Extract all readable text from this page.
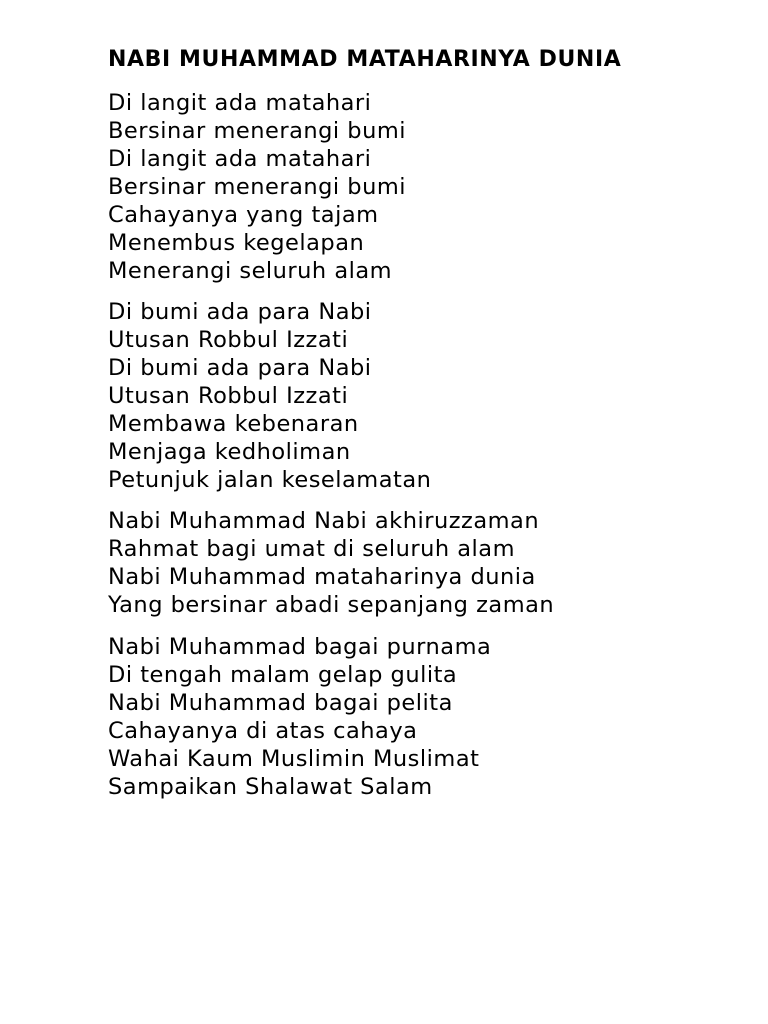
NABI MUHAMMAD MATAHARINYA DUNIA
Di langit ada matahari
Bersinar menerangi bumi
Di langit ada matahari
Bersinar menerangi bumi
Cahayanya yang tajam
Menembus kegelapan
Menerangi seluruh alam
Di bumi ada para Nabi
Utusan Robbul Izzati
Di bumi ada para Nabi
Utusan Robbul Izzati
Membawa kebenaran
Menjaga kedholiman
Petunjuk jalan keselamatan
Nabi Muhammad Nabi akhiruzzaman
Rahmat bagi umat di seluruh alam
Nabi Muhammad mataharinya dunia
Yang bersinar abadi sepanjang zaman
Nabi Muhammad bagai purnama
Di tengah malam gelap gulita
Nabi Muhammad bagai pelita
Cahayanya di atas cahaya
Wahai Kaum Muslimin Muslimat
Sampaikan Shalawat Salam
